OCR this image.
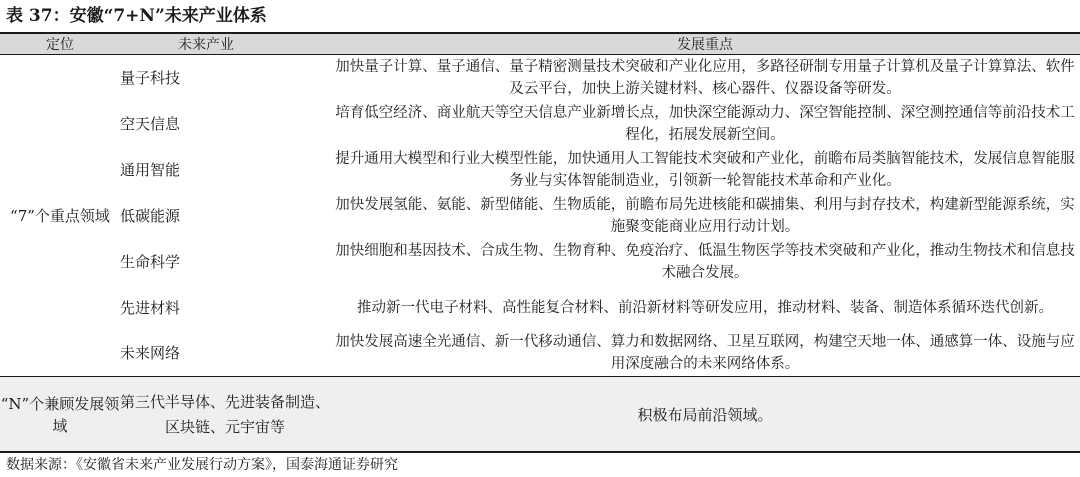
表 37：安徽“7+N”未来产业体系
定位	未来产业	发展重点
“7”个重点领域	量子科技	加快量子计算、量子通信、量子精密测量技术突破和产业化应用，多路径研制专用量子计算机及量子计算算法、软件及云平台，加快上游关键材料、核心器件、仪器设备等研发。
	空天信息	培育低空经济、商业航天等空天信息产业新增长点，加快深空能源动力、深空智能控制、深空测控通信等前沿技术工程化，拓展发展新空间。
	通用智能	提升通用大模型和行业大模型性能，加快通用人工智能技术突破和产业化，前瞻布局类脑智能技术，发展信息智能服务业与实体智能制造业，引领新一轮智能技术革命和产业化。
	低碳能源	加快发展氢能、氨能、新型储能、生物质能，前瞻布局先进核能和碳捕集、利用与封存技术，构建新型能源系统，实施聚变能商业应用行动计划。
	生命科学	加快细胞和基因技术、合成生物、生物育种、免疫治疗、低温生物医学等技术突破和产业化，推动生物技术和信息技术融合发展。
	先进材料	推动新一代电子材料、高性能复合材料、前沿新材料等研发应用，推动材料、装备、制造体系循环迭代创新。
	未来网络	加快发展高速全光通信、新一代移动通信、算力和数据网络、卫星互联网，构建空天地一体、通感算一体、设施与应用深度融合的未来网络体系。
“N”个兼顾发展领域	第三代半导体、先进装备制造、区块链、元宇宙等	积极布局前沿领域。
数据来源：《安徽省未来产业发展行动方案》，国泰海通证券研究
